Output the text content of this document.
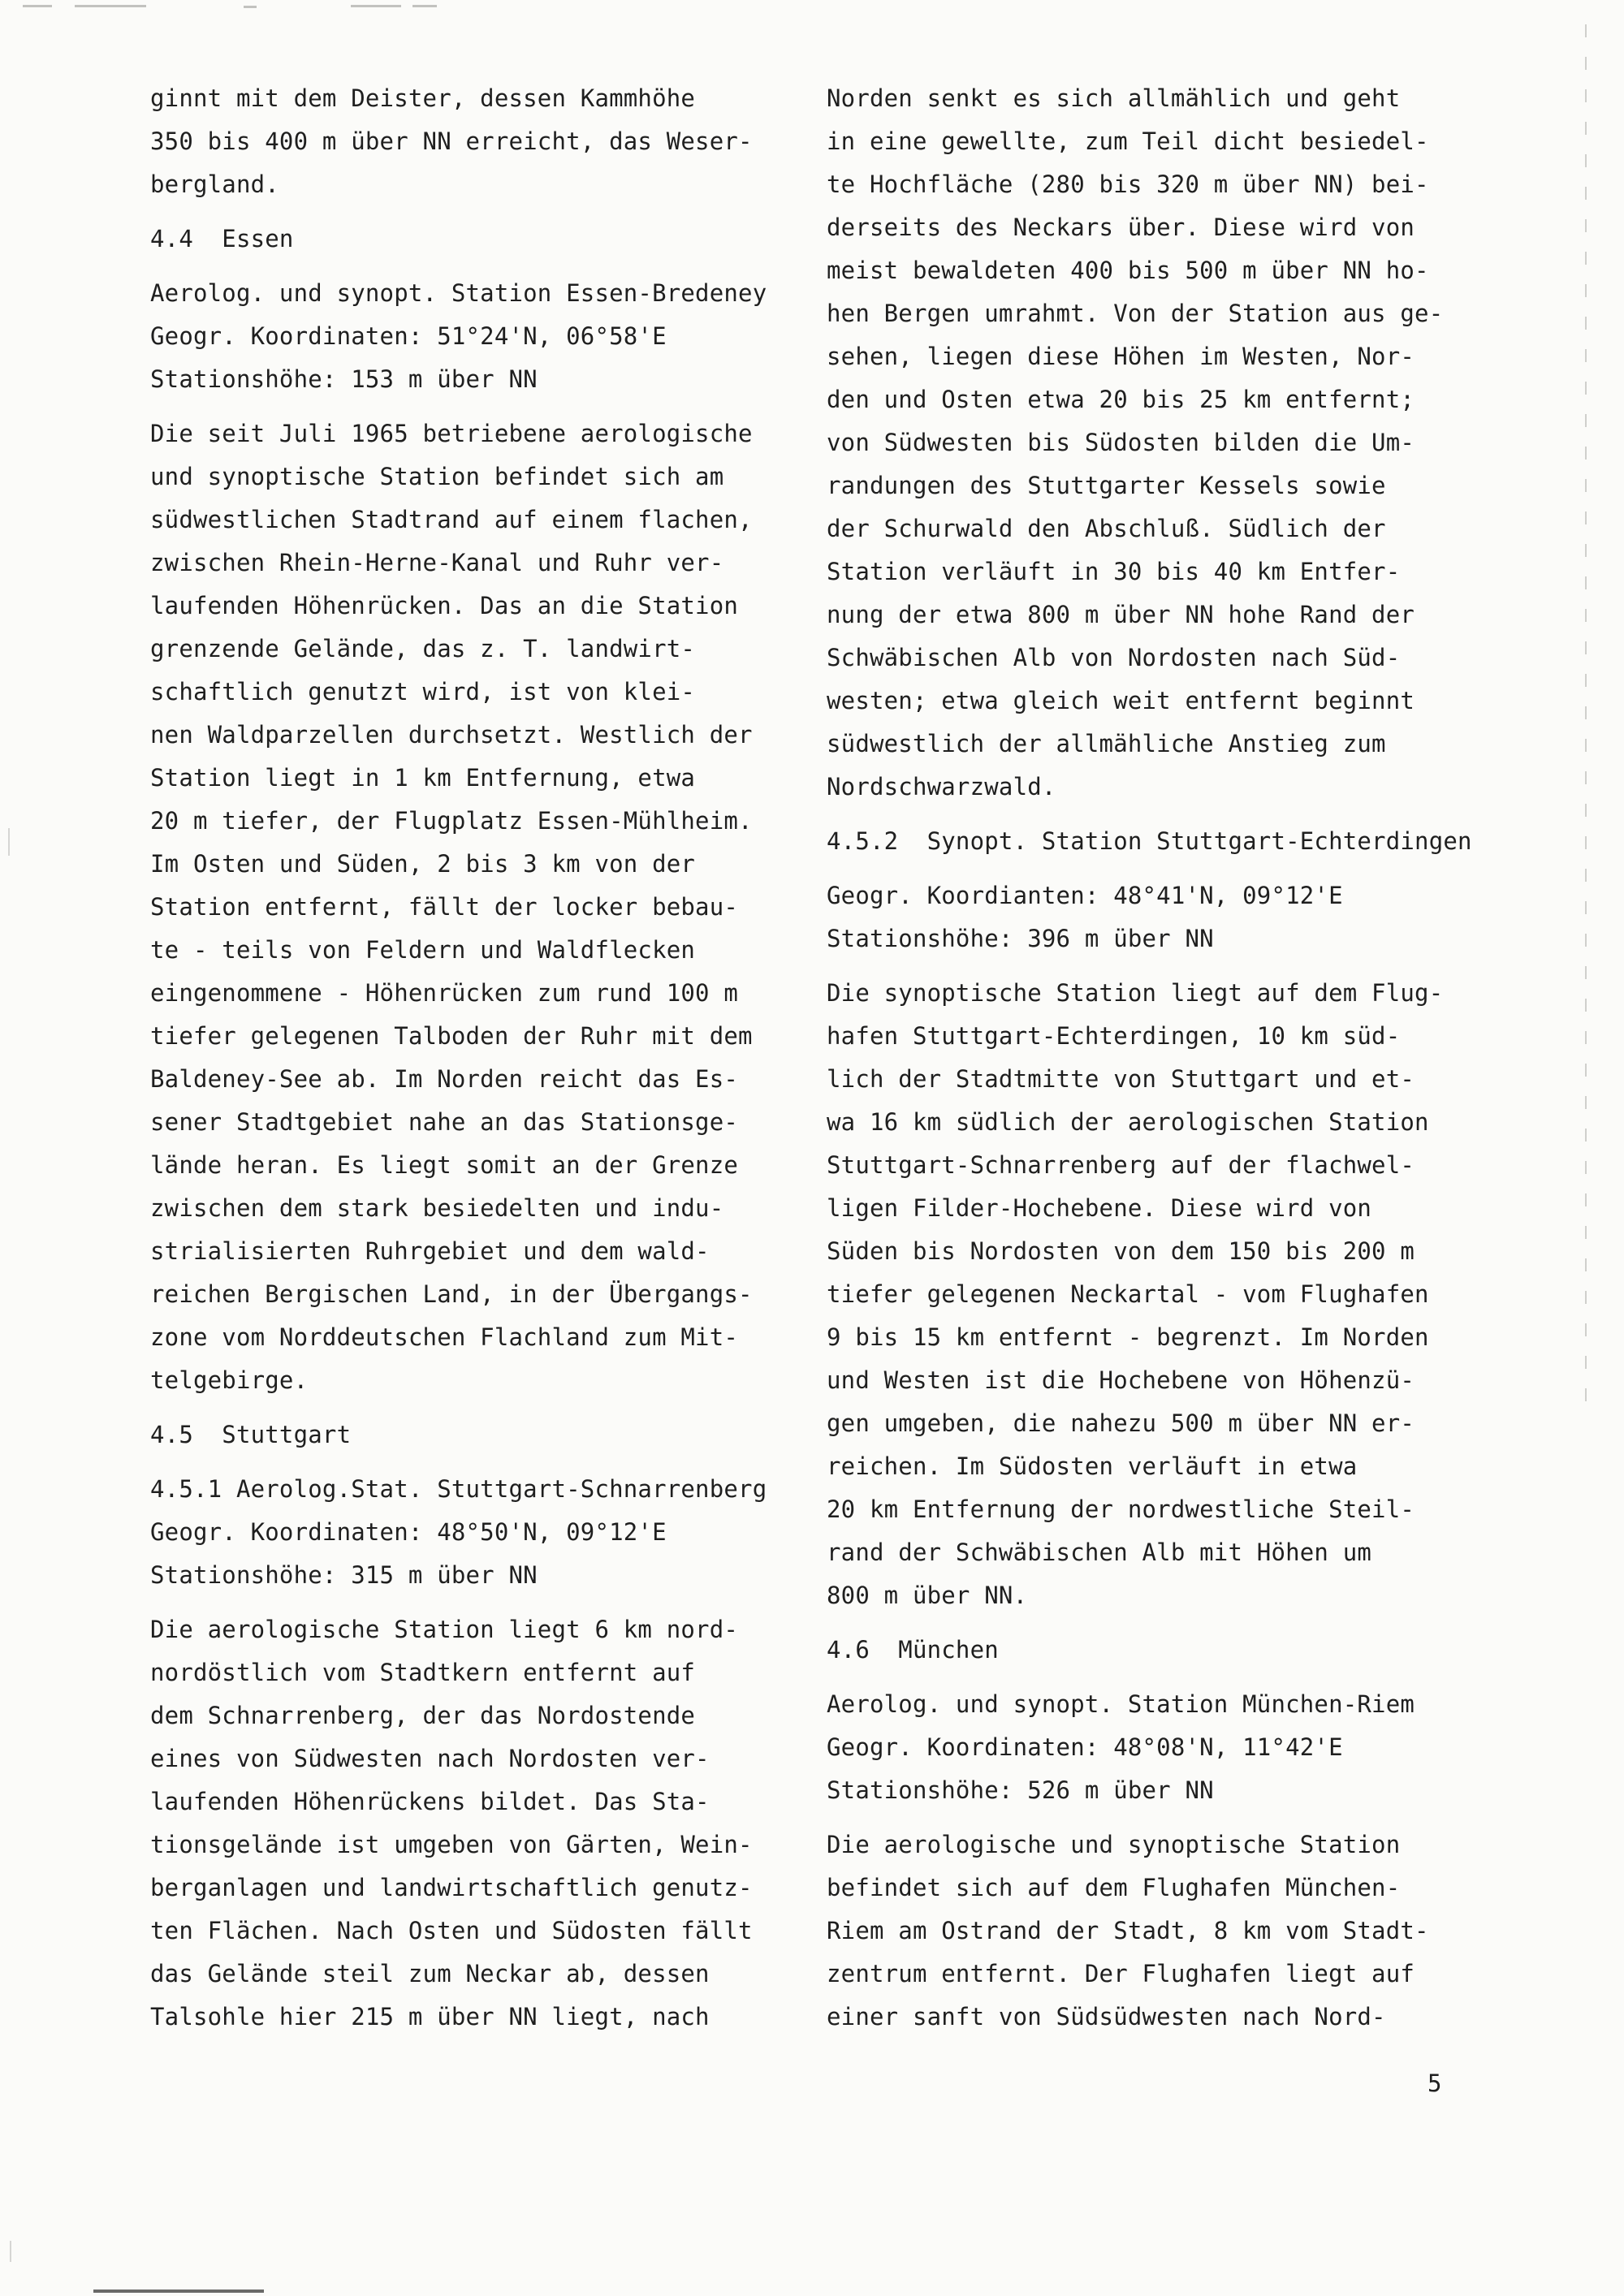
ginnt mit dem Deister, dessen Kammhöhe
350 bis 400 m über NN erreicht, das Weser-
bergland.
4.4  Essen
Aerolog. und synopt. Station Essen-Bredeney
Geogr. Koordinaten: 51°24'N, 06°58'E
Stationshöhe: 153 m über NN
Die seit Juli 1965 betriebene aerologische
und synoptische Station befindet sich am
südwestlichen Stadtrand auf einem flachen,
zwischen Rhein-Herne-Kanal und Ruhr ver-
laufenden Höhenrücken. Das an die Station
grenzende Gelände, das z. T. landwirt-
schaftlich genutzt wird, ist von klei-
nen Waldparzellen durchsetzt. Westlich der
Station liegt in 1 km Entfernung, etwa
20 m tiefer, der Flugplatz Essen-Mühlheim.
Im Osten und Süden, 2 bis 3 km von der
Station entfernt, fällt der locker bebau-
te - teils von Feldern und Waldflecken
eingenommene - Höhenrücken zum rund 100 m
tiefer gelegenen Talboden der Ruhr mit dem
Baldeney-See ab. Im Norden reicht das Es-
sener Stadtgebiet nahe an das Stationsge-
lände heran. Es liegt somit an der Grenze
zwischen dem stark besiedelten und indu-
strialisierten Ruhrgebiet und dem wald-
reichen Bergischen Land, in der Übergangs-
zone vom Norddeutschen Flachland zum Mit-
telgebirge.
4.5  Stuttgart
4.5.1 Aerolog.Stat. Stuttgart-Schnarrenberg
Geogr. Koordinaten: 48°50'N, 09°12'E
Stationshöhe: 315 m über NN
Die aerologische Station liegt 6 km nord-
nordöstlich vom Stadtkern entfernt auf
dem Schnarrenberg, der das Nordostende
eines von Südwesten nach Nordosten ver-
laufenden Höhenrückens bildet. Das Sta-
tionsgelände ist umgeben von Gärten, Wein-
berganlagen und landwirtschaftlich genutz-
ten Flächen. Nach Osten und Südosten fällt
das Gelände steil zum Neckar ab, dessen
Talsohle hier 215 m über NN liegt, nach
Norden senkt es sich allmählich und geht
in eine gewellte, zum Teil dicht besiedel-
te Hochfläche (280 bis 320 m über NN) bei-
derseits des Neckars über. Diese wird von
meist bewaldeten 400 bis 500 m über NN ho-
hen Bergen umrahmt. Von der Station aus ge-
sehen, liegen diese Höhen im Westen, Nor-
den und Osten etwa 20 bis 25 km entfernt;
von Südwesten bis Südosten bilden die Um-
randungen des Stuttgarter Kessels sowie
der Schurwald den Abschluß. Südlich der
Station verläuft in 30 bis 40 km Entfer-
nung der etwa 800 m über NN hohe Rand der
Schwäbischen Alb von Nordosten nach Süd-
westen; etwa gleich weit entfernt beginnt
südwestlich der allmähliche Anstieg zum
Nordschwarzwald.
4.5.2  Synopt. Station Stuttgart-Echterdingen
Geogr. Koordianten: 48°41'N, 09°12'E
Stationshöhe: 396 m über NN
Die synoptische Station liegt auf dem Flug-
hafen Stuttgart-Echterdingen, 10 km süd-
lich der Stadtmitte von Stuttgart und et-
wa 16 km südlich der aerologischen Station
Stuttgart-Schnarrenberg auf der flachwel-
ligen Filder-Hochebene. Diese wird von
Süden bis Nordosten von dem 150 bis 200 m
tiefer gelegenen Neckartal - vom Flughafen
9 bis 15 km entfernt - begrenzt. Im Norden
und Westen ist die Hochebene von Höhenzü-
gen umgeben, die nahezu 500 m über NN er-
reichen. Im Südosten verläuft in etwa
20 km Entfernung der nordwestliche Steil-
rand der Schwäbischen Alb mit Höhen um
800 m über NN.
4.6  München
Aerolog. und synopt. Station München-Riem
Geogr. Koordinaten: 48°08'N, 11°42'E
Stationshöhe: 526 m über NN
Die aerologische und synoptische Station
befindet sich auf dem Flughafen München-
Riem am Ostrand der Stadt, 8 km vom Stadt-
zentrum entfernt. Der Flughafen liegt auf
einer sanft von Südsüdwesten nach Nord-
5
